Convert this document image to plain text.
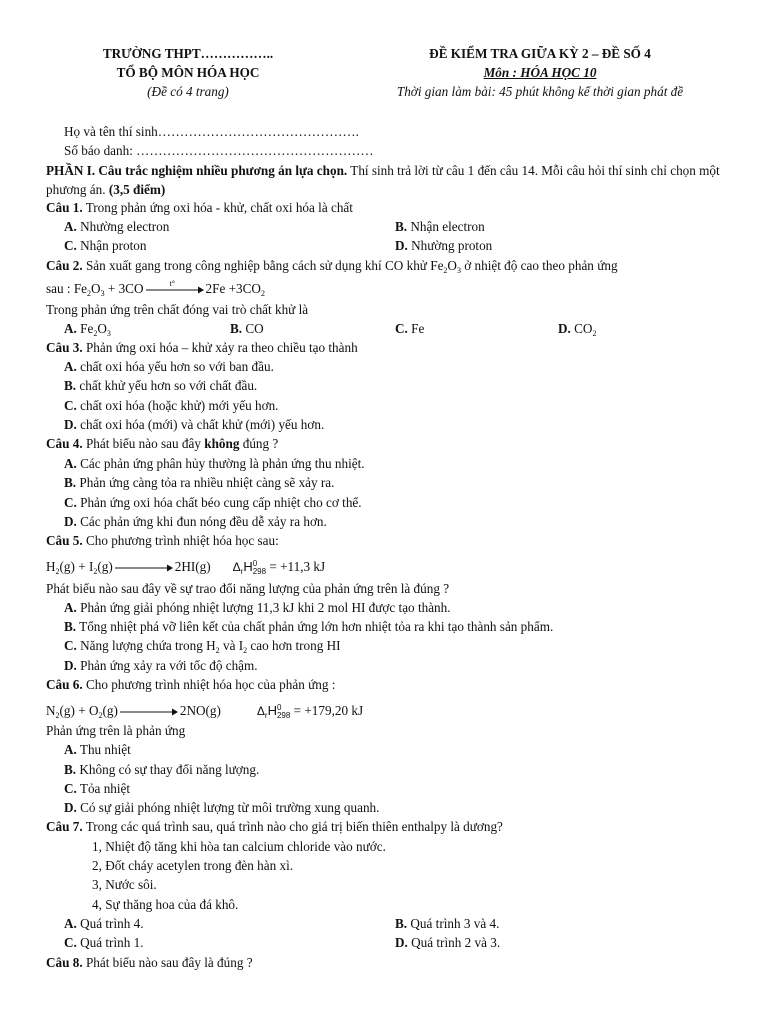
TRƯỜNG THPT……………..
TỔ BỘ MÔN HÓA HỌC
(Đề có 4 trang)
ĐỀ KIỂM TRA GIỮA KỲ 2 – ĐỀ SỐ 4
Môn : HÓA HỌC 10
Thời gian làm bài: 45 phút không kể thời gian phát đề
Họ và tên thí sinh……………………………………….
Số báo danh: ………………………………………………
PHẦN I. Câu trắc nghiệm nhiều phương án lựa chọn. Thí sinh trả lời từ câu 1 đến câu 14. Mỗi câu hỏi thí sinh chỉ chọn một phương án. (3,5 điểm)
Câu 1. Trong phản ứng oxi hóa - khử, chất oxi hóa là chất
A. Nhường electron	B. Nhận electron
C. Nhận proton	D. Nhường proton
Câu 2. Sản xuất gang trong công nghiệp bằng cách sử dụng khí CO khử $Fe_2O_3$ ở nhiệt độ cao theo phản ứng
sau : $Fe_2O_3 + 3CO$	t° $2Fe +3CO_2$
Trong phản ứng trên chất đóng vai trò chất khử là
A. $Fe_2O_3$	B. CO	C. Fe	D. $CO_2$
Câu 3. Phản ứng oxi hóa – khử xảy ra theo chiều tạo thành
A. chất oxi hóa yếu hơn so với ban đầu.
B. chất khử yếu hơn so với chất đầu.
C. chất oxi hóa (hoặc khử) mới yếu hơn.
D. chất oxi hóa (mới) và chất khử (mới) yếu hơn.
Câu 4. Phát biểu nào sau đây không đúng ?
A. Các phản ứng phân hủy thường là phản ứng thu nhiệt.
B. Phản ứng càng tỏa ra nhiều nhiệt càng sẽ xảy ra.
C. Phản ứng oxi hóa chất béo cung cấp nhiệt cho cơ thể.
D. Các phản ứng khi đun nóng đều dễ xảy ra hơn.
Câu 5. Cho phương trình nhiệt hóa học sau:
$H_2(g) + I_2(g)$	2HI(g) $\Delta_rH0$
298 = +11,3 kJ
Phát biểu nào sau đây về sự trao đổi năng lượng của phản ứng trên là đúng ?
A. Phản ứng giải phóng nhiệt lượng 11,3 kJ khi 2 mol HI được tạo thành.
B. Tổng nhiệt phá vỡ liên kết của chất phản ứng lớn hơn nhiệt tỏa ra khi tạo thành sản phẩm.
C. Năng lượng chứa trong $H_2$ và $I_2$ cao hơn trong HI
D. Phản ứng xảy ra với tốc độ chậm.
Câu 6. Cho phương trình nhiệt hóa học của phản ứng :
$N_2(g) + O_2(g)$	2NO(g)	$\Delta_rH0$
298 = +179,20 kJ
Phản ứng trên là phản ứng
A. Thu nhiệt
B. Không có sự thay đổi năng lượng.
C. Tỏa nhiệt
D. Có sự giải phóng nhiệt lượng từ môi trường xung quanh.
Câu 7. Trong các quá trình sau, quá trình nào cho giá trị biến thiên enthalpy là dương?
1, Nhiệt độ tăng khi hòa tan calcium chloride vào nước.
2, Đốt cháy acetylen trong đèn hàn xì.
3, Nước sôi.
4, Sự thăng hoa của đá khô.
A. Quá trình 4.	B. Quá trình 3 và 4.
C. Quá trình 1.	D. Quá trình 2 và 3.
Câu 8. Phát biểu nào sau đây là đúng ?
